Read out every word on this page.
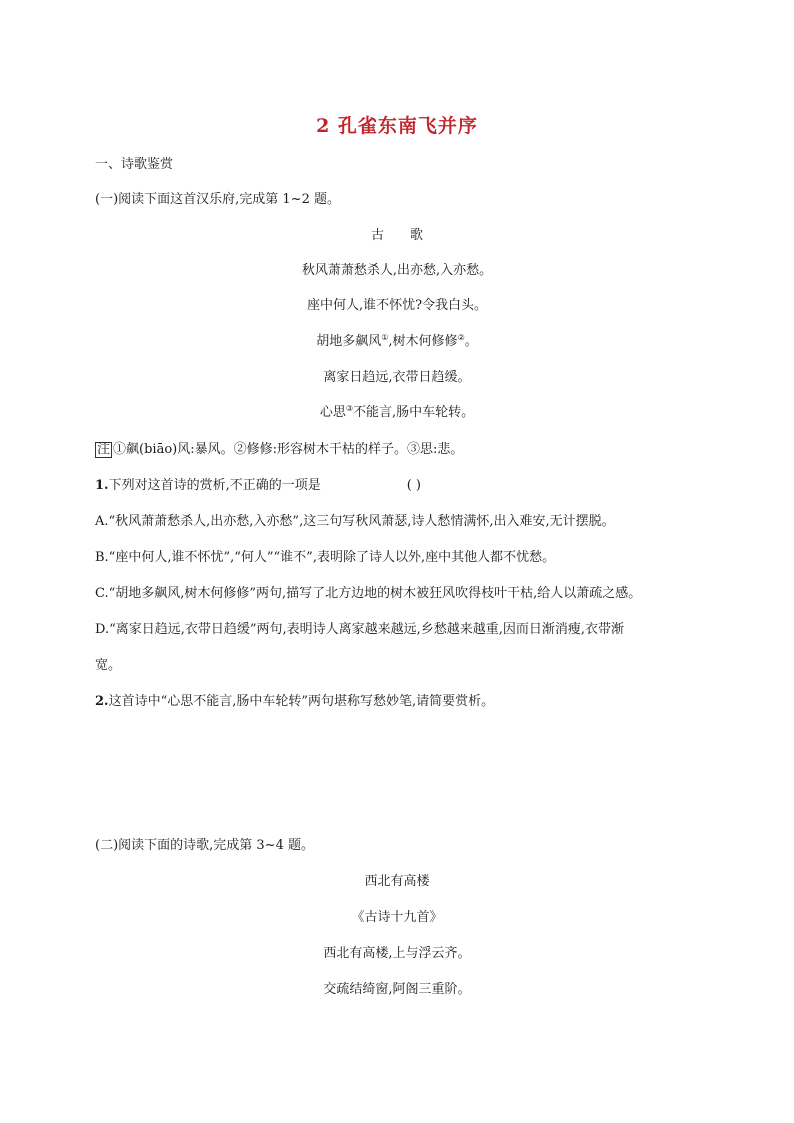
2 孔雀东南飞并序
一、诗歌鉴赏
(一)阅读下面这首汉乐府,完成第 1~2 题。
古 歌
秋风萧萧愁杀人,出亦愁,入亦愁。
座中何人,谁不怀忧?令我白头。
胡地多飙风①,树木何修修②。
离家日趋远,衣带日趋缓。
心思③不能言,肠中车轮转。
注 ①飙(biāo)风:暴风。②修修:形容树木干枯的样子。③思:悲。
1.下列对这首诗的赏析,不正确的一项是	( )
A.“秋风萧萧愁杀人,出亦愁,入亦愁”,这三句写秋风萧瑟,诗人愁情满怀,出入难安,无计摆脱。
B.“座中何人,谁不怀忧”,“何人”“谁不”,表明除了诗人以外,座中其他人都不忧愁。
C.“胡地多飙风,树木何修修”两句,描写了北方边地的树木被狂风吹得枝叶干枯,给人以萧疏之感。
D.“离家日趋远,衣带日趋缓”两句,表明诗人离家越来越远,乡愁越来越重,因而日渐消瘦,衣带渐
宽。
2.这首诗中“心思不能言,肠中车轮转”两句堪称写愁妙笔,请简要赏析。
(二)阅读下面的诗歌,完成第 3~4 题。
西北有高楼
《古诗十九首》
西北有高楼,上与浮云齐。
交疏结绮窗,阿阁三重阶。
